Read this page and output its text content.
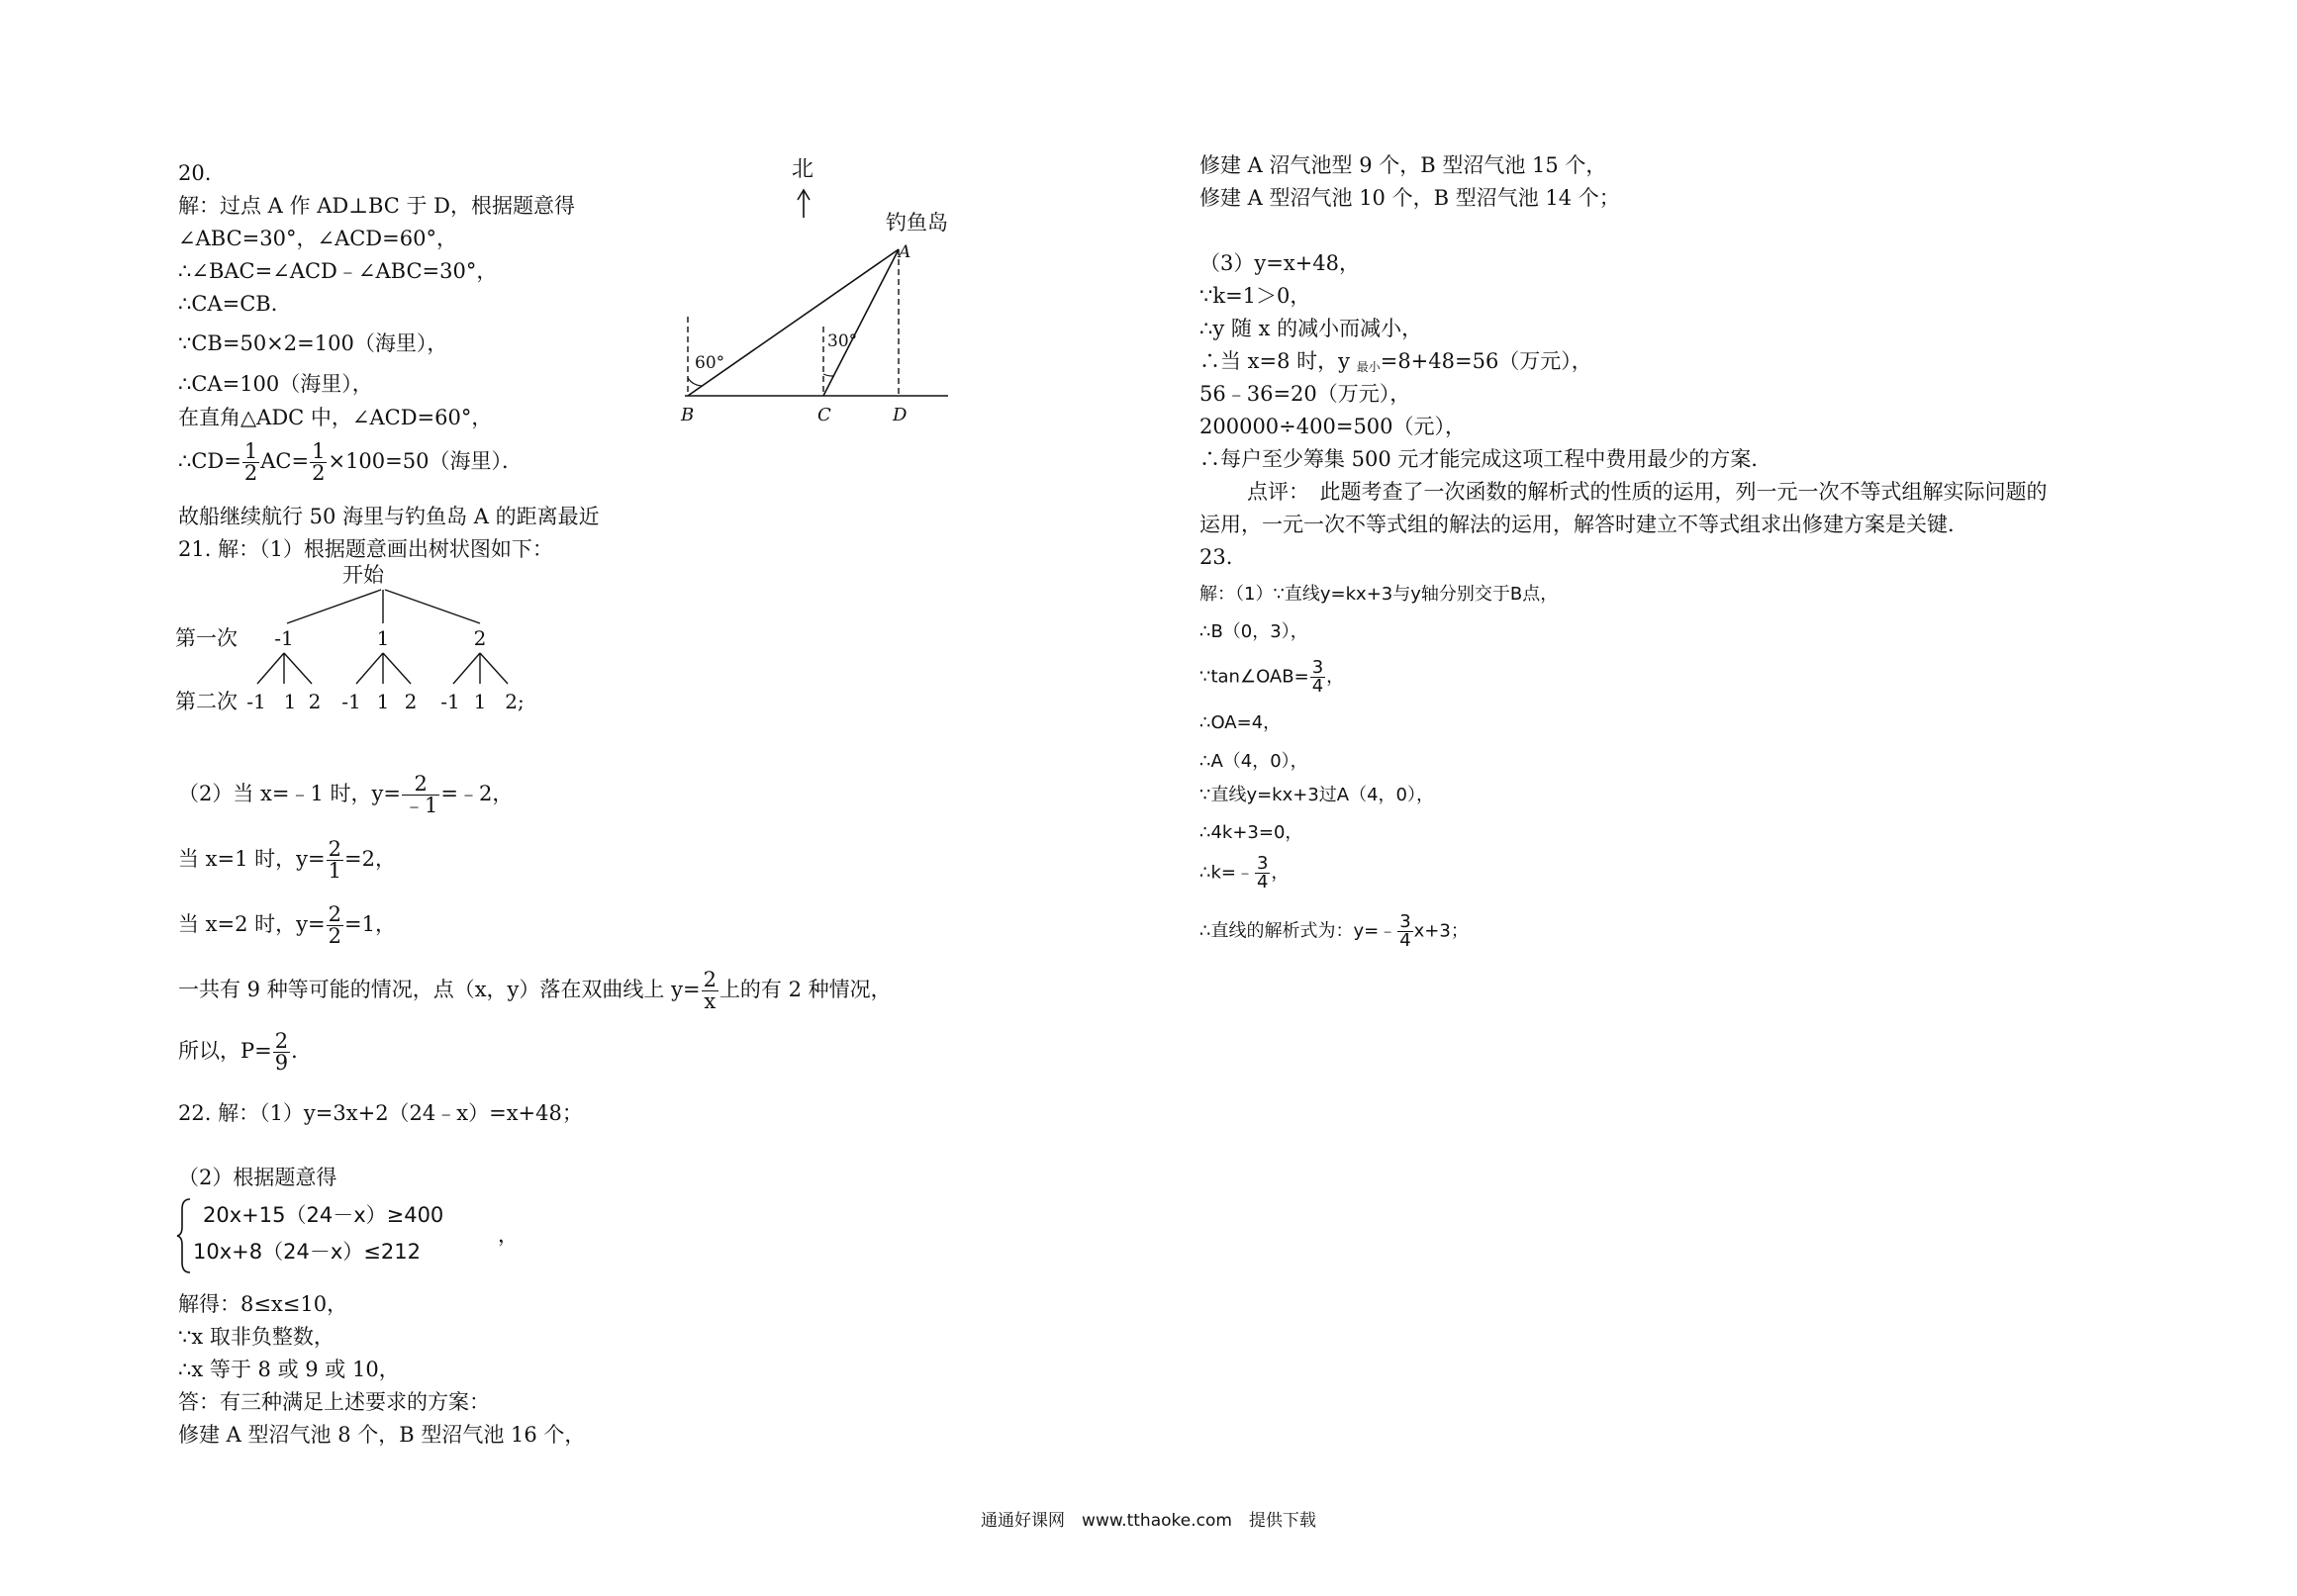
20.
解：过点 A 作 AD⊥BC 于 D，根据题意得
∠ABC=30°，∠ACD=60°，
∴∠BAC=∠ACD﹣∠ABC=30°，
∴CA=CB．
∵CB=50×2=100（海里），
∴CA=100（海里），
在直角△ADC 中，∠ACD=60°，
∴CD= $\frac{1}{2} AC= \frac{1}{2} \times 100=50$（海里）．
故船继续航行 50 海里与钓鱼岛 A 的距离最近
北
钓鱼岛
A
60°
30°
B	C	D
21. 解：（1）根据题意画出树状图如下：
开始
第一次 -1	1	2
第二次 -1 1 2 -1 1 2 -1 1 2;
（2）当 x=﹣1 时，$y= \frac{2}{﹣1}$ =﹣2，
当 x=1 时，$y= \frac{2}{1} =2$，
当 x=2 时，$y= \frac{2}{2} =1$，
一共有 9 种等可能的情况，点（x，y）落在双曲线上 $y= \frac{2}{x}$ 上的有 2 种情况，
所以，$P= \frac{2}{9}$ ．
22. 解：（1）y=3x+2（24﹣x）=x+48；
（2）根据题意得
20x+15（24－x）≥400
10x+8（24－x）≤212
，
解得：8≤x≤10，
∵x 取非负整数，
∴x 等于 8 或 9 或 10，
答：有三种满足上述要求的方案：
修建 A 型沼气池 8 个，B 型沼气池 16 个，
修建 A 沼气池型 9 个，B 型沼气池 15 个，
修建 A 型沼气池 10 个，B 型沼气池 14 个；
（3）y=x+48，
∵k=1＞0，
∴y 随 x 的减小而减小，
∴当 x=8 时，y $_{最小}$=8+48=56（万元），
56﹣36=20（万元），
200000÷400=500（元），
∴每户至少筹集 500 元才能完成这项工程中费用最少的方案．
点评：　此题考查了一次函数的解析式的性质的运用，列一元一次不等式组解实际问题的
运用，一元一次不等式组的解法的运用，解答时建立不等式组求出修建方案是关键．
23.
解：（1）∵直线y=kx+3与y轴分别交于B点，
∴B（0，3），
∵tan∠OAB= $\frac{3}{4}$ ，
∴OA=4，
∴A（4，0），
∵直线y=kx+3过A（4，0），
∴4k+3=0，
∴k=﹣ $\frac{3}{4}$ ，
∴直线的解析式为：y=﹣ $\frac{3}{4} x+3$；
通通好课网　www.tthaoke.com　提供下载
